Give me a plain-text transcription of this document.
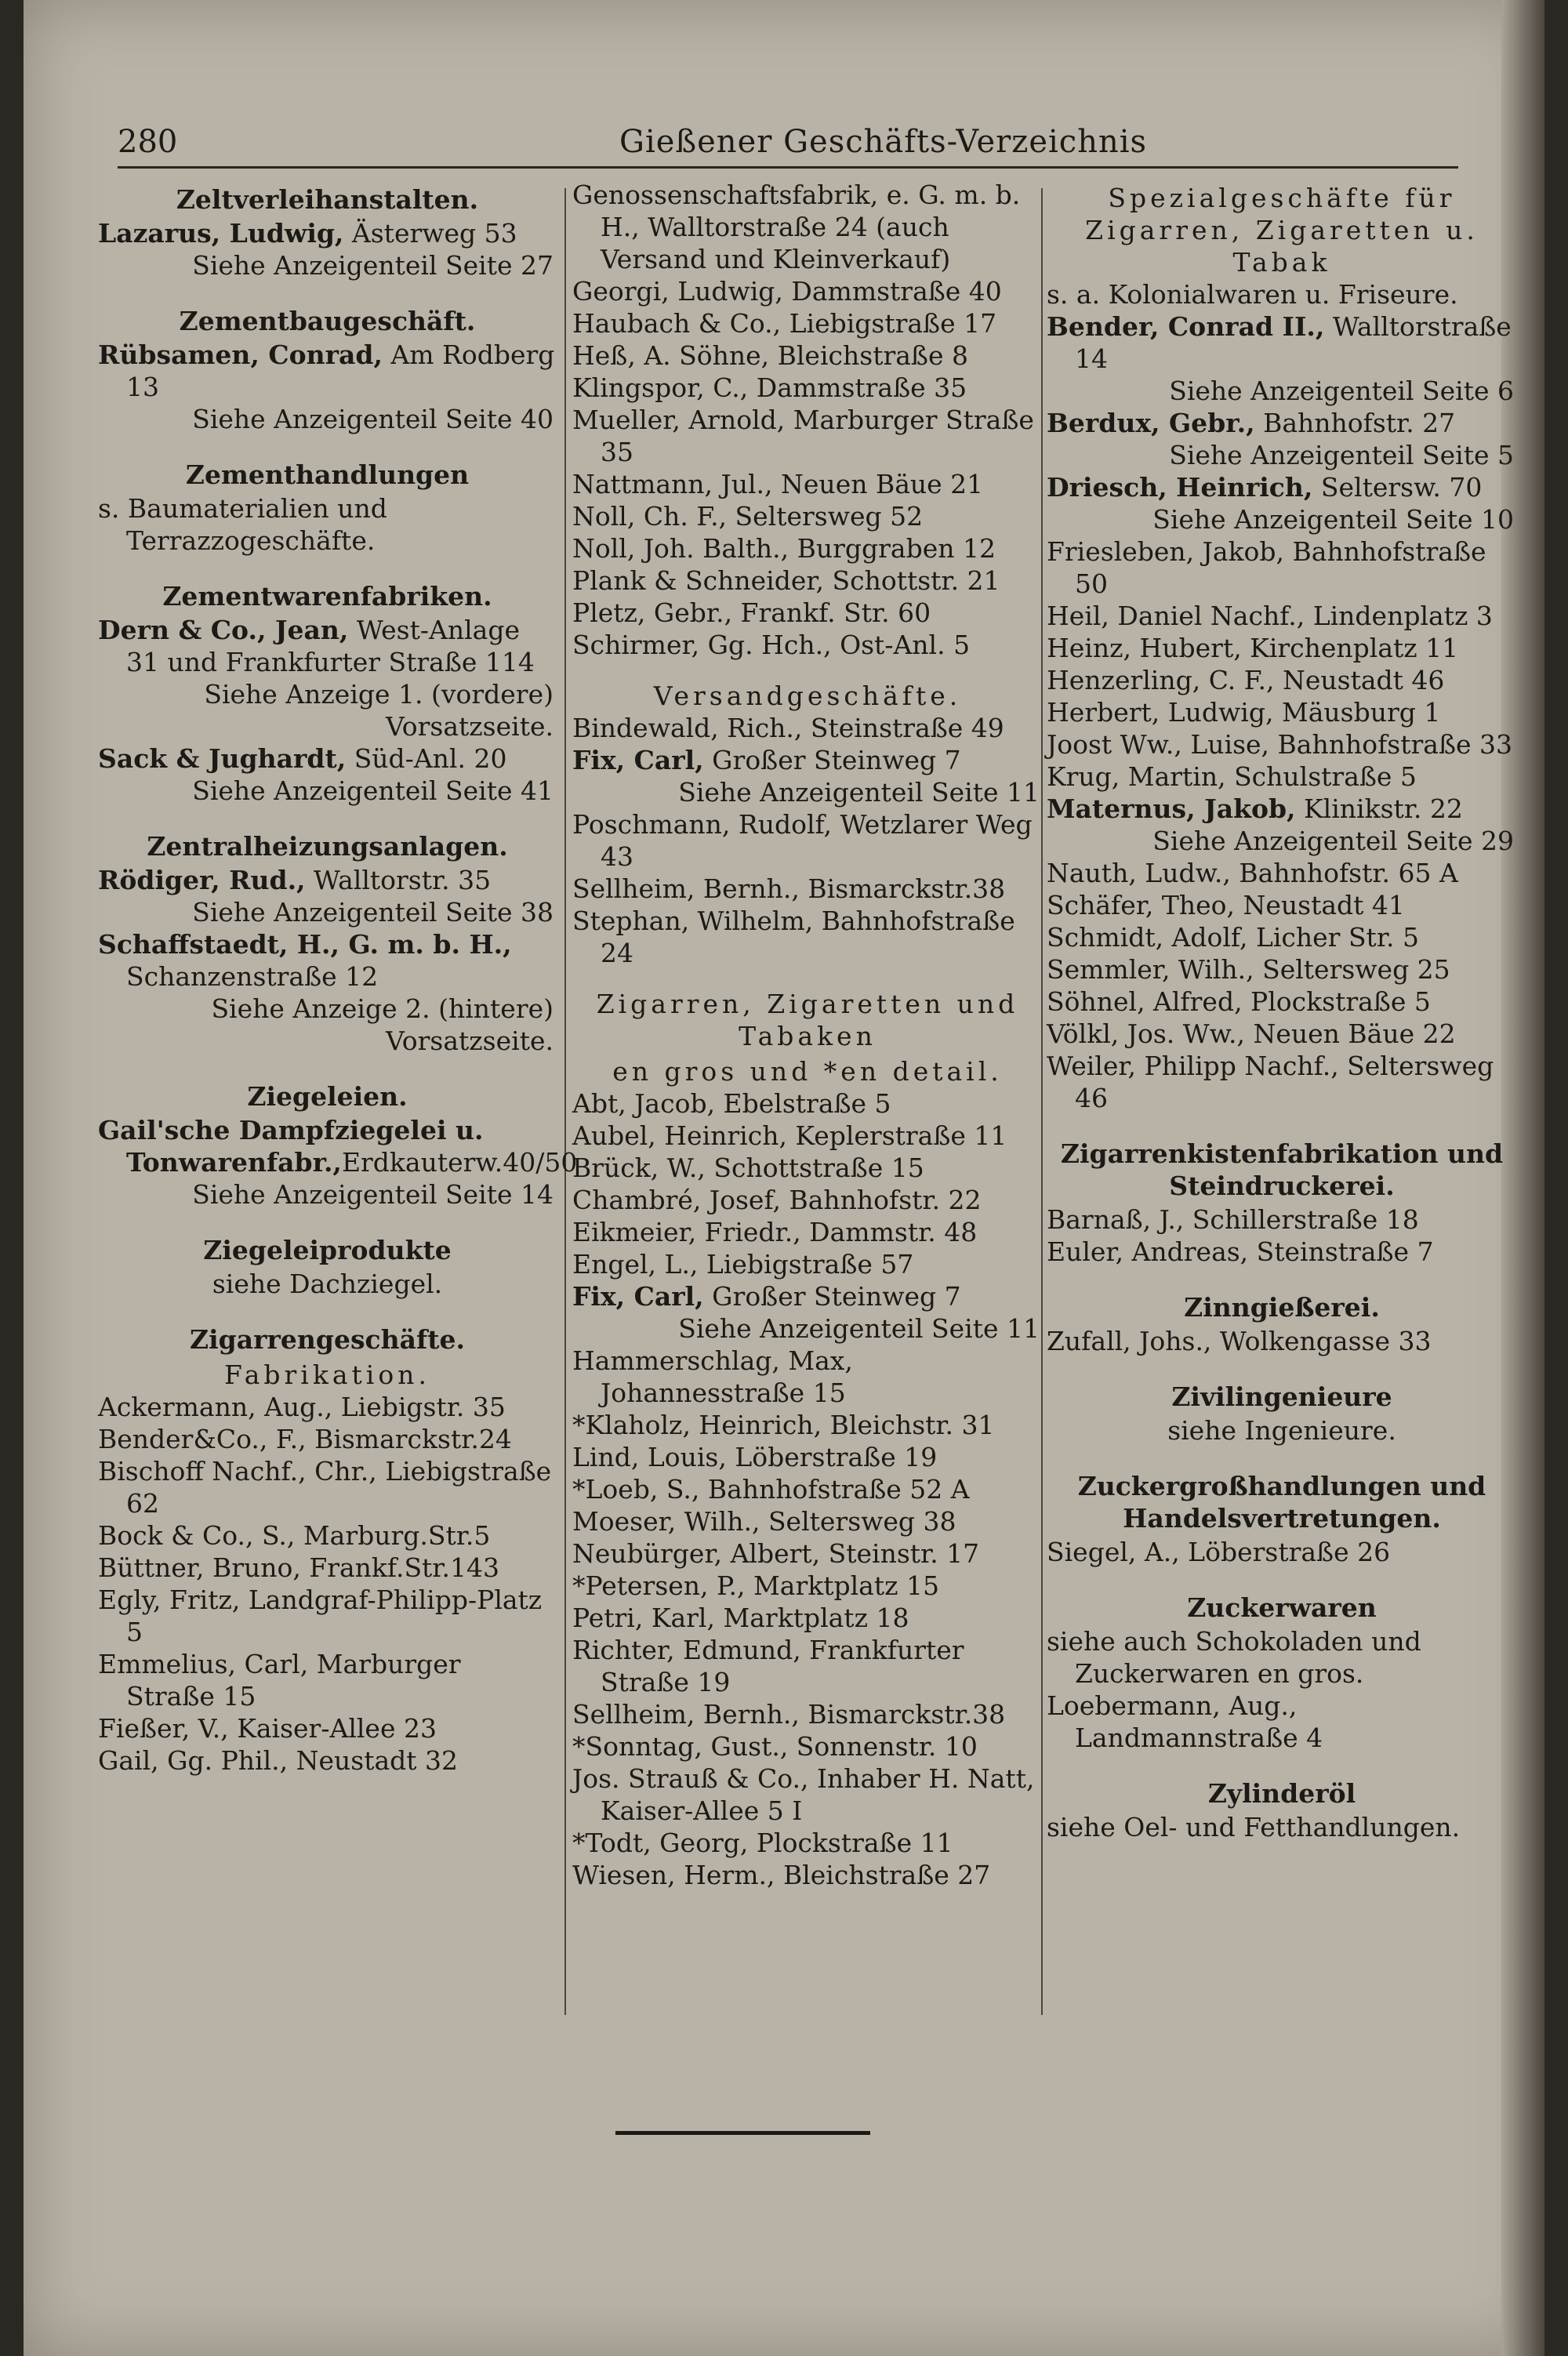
280	Gießener Geschäfts-Verzeichnis
Zeltverleihanstalten.
Lazarus, Ludwig, Ästerweg 53
Siehe Anzeigenteil Seite 27
Zementbaugeschäft.
Rübsamen, Conrad, Am Rodberg 13
Siehe Anzeigenteil Seite 40
Zementhandlungen
s. Baumaterialien und Terrazzogeschäfte.
Zementwarenfabriken.
Dern & Co., Jean, West-Anlage 31 und Frankfurter Straße 114
Siehe Anzeige 1. (vordere) Vorsatzseite.
Sack & Jughardt, Süd-Anl. 20
Siehe Anzeigenteil Seite 41
Zentralheizungsanlagen.
Rödiger, Rud., Walltorstr. 35
Siehe Anzeigenteil Seite 38
Schaffstaedt, H., G. m. b. H., Schanzenstraße 12
Siehe Anzeige 2. (hintere) Vorsatzseite.
Ziegeleien.
Gail'sche Dampfziegelei u. Tonwarenfabr.,Erdkauterw.40/50
Siehe Anzeigenteil Seite 14
Ziegeleiprodukte
siehe Dachziegel.
Zigarrengeschäfte.
Fabrikation.
Ackermann, Aug., Liebigstr. 35
Bender&Co., F., Bismarckstr.24
Bischoff Nachf., Chr., Liebigstraße 62
Bock & Co., S., Marburg.Str.5
Büttner, Bruno, Frankf.Str.143
Egly, Fritz, Landgraf-Philipp-Platz 5
Emmelius, Carl, Marburger Straße 15
Fießer, V., Kaiser-Allee 23
Gail, Gg. Phil., Neustadt 32
Genossenschaftsfabrik, e. G. m. b. H., Walltorstraße 24 (auch Versand und Kleinverkauf)
Georgi, Ludwig, Dammstraße 40
Haubach & Co., Liebigstraße 17
Heß, A. Söhne, Bleichstraße 8
Klingspor, C., Dammstraße 35
Mueller, Arnold, Marburger Straße 35
Nattmann, Jul., Neuen Bäue 21
Noll, Ch. F., Seltersweg 52
Noll, Joh. Balth., Burggraben 12
Plank & Schneider, Schottstr. 21
Pletz, Gebr., Frankf. Str. 60
Schirmer, Gg. Hch., Ost-Anl. 5
Versandgeschäfte.
Bindewald, Rich., Steinstraße 49
Fix, Carl, Großer Steinweg 7
Siehe Anzeigenteil Seite 11
Poschmann, Rudolf, Wetzlarer Weg 43
Sellheim, Bernh., Bismarckstr.38
Stephan, Wilhelm, Bahnhofstraße 24
Zigarren, Zigaretten und Tabaken
en gros und *en detail.
Abt, Jacob, Ebelstraße 5
Aubel, Heinrich, Keplerstraße 11
Brück, W., Schottstraße 15
Chambré, Josef, Bahnhofstr. 22
Eikmeier, Friedr., Dammstr. 48
Engel, L., Liebigstraße 57
Fix, Carl, Großer Steinweg 7
Siehe Anzeigenteil Seite 11
Hammerschlag, Max, Johannesstraße 15
*Klaholz, Heinrich, Bleichstr. 31
Lind, Louis, Löberstraße 19
*Loeb, S., Bahnhofstraße 52 A
Moeser, Wilh., Seltersweg 38
Neubürger, Albert, Steinstr. 17
*Petersen, P., Marktplatz 15
Petri, Karl, Marktplatz 18
Richter, Edmund, Frankfurter Straße 19
Sellheim, Bernh., Bismarckstr.38
*Sonntag, Gust., Sonnenstr. 10
Jos. Strauß & Co., Inhaber H. Natt, Kaiser-Allee 5 I
*Todt, Georg, Plockstraße 11
Wiesen, Herm., Bleichstraße 27
Spezialgeschäfte für Zigarren, Zigaretten u. Tabak
s. a. Kolonialwaren u. Friseure.
Bender, Conrad II., Walltorstraße 14
Siehe Anzeigenteil Seite 6
Berdux, Gebr., Bahnhofstr. 27
Siehe Anzeigenteil Seite 5
Driesch, Heinrich, Seltersw. 70
Siehe Anzeigenteil Seite 10
Friesleben, Jakob, Bahnhofstraße 50
Heil, Daniel Nachf., Lindenplatz 3
Heinz, Hubert, Kirchenplatz 11
Henzerling, C. F., Neustadt 46
Herbert, Ludwig, Mäusburg 1
Joost Ww., Luise, Bahnhofstraße 33
Krug, Martin, Schulstraße 5
Maternus, Jakob, Klinikstr. 22
Siehe Anzeigenteil Seite 29
Nauth, Ludw., Bahnhofstr. 65 A
Schäfer, Theo, Neustadt 41
Schmidt, Adolf, Licher Str. 5
Semmler, Wilh., Seltersweg 25
Söhnel, Alfred, Plockstraße 5
Völkl, Jos. Ww., Neuen Bäue 22
Weiler, Philipp Nachf., Seltersweg 46
Zigarrenkistenfabrikation und Steindruckerei.
Barnaß, J., Schillerstraße 18
Euler, Andreas, Steinstraße 7
Zinngießerei.
Zufall, Johs., Wolkengasse 33
Zivilingenieure
siehe Ingenieure.
Zuckergroßhandlungen und Handelsvertretungen.
Siegel, A., Löberstraße 26
Zuckerwaren
siehe auch Schokoladen und Zuckerwaren en gros.
Loebermann, Aug., Landmannstraße 4
Zylinderöl
siehe Oel- und Fetthandlungen.
